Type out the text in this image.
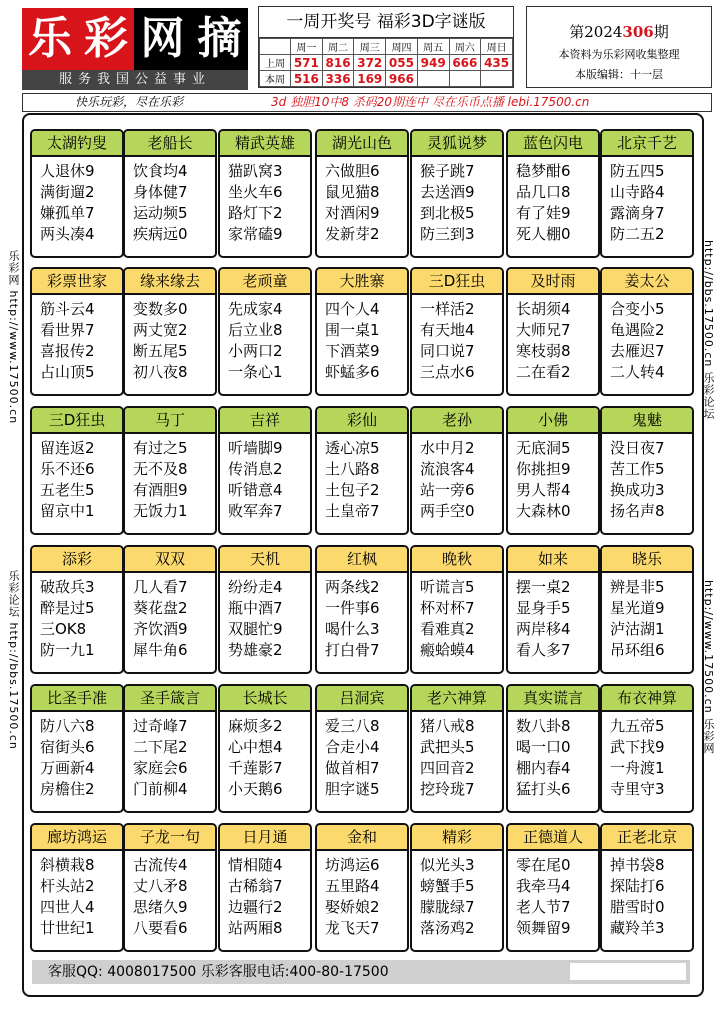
乐 彩 网 摘
服务我国公益事业
一周开奖号 福彩3D字谜版
	周一	周二	周三	周四	周五	周六	周日
上周	571	816	372	055	949	666	435
本周	516	336	169	966			
第2024306期
本资料为乐彩网收集整理
本版编辑：十一层
快乐玩彩，尽在乐彩	3d 独胆10中8 杀码20期连中 尽在乐币点播 lebi.17500.cn
乐彩网 http://www.17500.cn
乐彩论坛 http://bbs.17500.cn
http://bbs.17500.cn 乐彩论坛
http://www.17500.cn 乐彩网
太湖钓叟
人退休9
满街遛2
嫌孤单7
两头凑4
老船长
饮食均4
身体健7
运动频5
疾病远0
精武英雄
猫趴窝3
坐火车6
路灯下2
家常磕9
湖光山色
六做胆6
鼠见猫8
对酒闲9
发新芽2
灵狐说梦
猴子跳7
去送酒9
到北极5
防三到3
蓝色闪电
稳梦酣6
品几口8
有了娃9
死人棚0
北京千艺
防五四5
山寺路4
露滴身7
防二五2
彩票世家
筋斗云4
看世界7
喜报传2
占山顶5
缘来缘去
变数多0
两丈宽2
断五尾5
初八夜8
老顽童
先成家4
后立业8
小两口2
一条心1
大胜寨
四个人4
围一桌1
下酒菜9
虾蜢多6
三D狂虫
一样活2
有天地4
同口说7
三点水6
及时雨
长胡须4
大师兄7
寒枝弱8
二在看2
姜太公
合变小5
龟遇险2
去雁迟7
二人转4
三D狂虫
留连返2
乐不还6
五老生5
留京中1
马丁
有过之5
无不及8
有酒胆9
无饭力1
吉祥
听墙脚9
传消息2
听错意4
败军奔7
彩仙
透心凉5
土八路8
土包子2
土皇帝7
老孙
水中月2
流浪客4
站一旁6
两手空0
小佛
无底洞5
你挑担9
男人帮4
大森林0
鬼魅
没日夜7
苦工作5
换成功3
扬名声8
添彩
破敌兵3
醉是过5
三OK8
防一九1
双双
几人看7
葵花盘2
齐饮酒9
犀牛角6
天机
纷纷走4
瓶中酒7
双腿忙9
势雄豪2
红枫
两条线2
一件事6
喝什么3
打白骨7
晚秋
听谎言5
杯对杯7
看难真2
瘢蛤蟆4
如来
摆一桌2
显身手5
两岸移4
看人多7
晓乐
辨是非5
星光道9
泸沽湖1
吊环组6
比圣手准
防八六8
宿街头6
万画新4
房檐住2
圣手箴言
过奇峰7
二下尾2
家庭会6
门前柳4
长城长
麻烦多2
心中想4
千莲影7
小天鹅6
吕洞宾
爱三八8
合走小4
做首相7
胆字谜5
老六神算
猪八戒8
武把头5
四回音2
挖玲珑7
真实谎言
数八卦8
喝一口0
棚内春4
猛打头6
布衣神算
九五帝5
武下找9
一舟渡1
寺里守3
廊坊鸿运
斜横栽8
杆头站2
四世人4
廿世纪1
子龙一句
古流传4
丈八矛8
思绪久9
八要看6
日月通
情相随4
古稀翁7
边疆行2
站两厢8
金和
坊鸿运6
五里路4
娶娇娘2
龙飞天7
精彩
似光头3
螃蟹手5
朦胧绿7
落汤鸡2
正德道人
零在尾0
我牵马4
老人节7
领舞留9
正老北京
掉书袋8
探陆打6
腊雪时0
藏羚羊3
客服QQ: 4008017500 乐彩客服电话:400-80-17500
